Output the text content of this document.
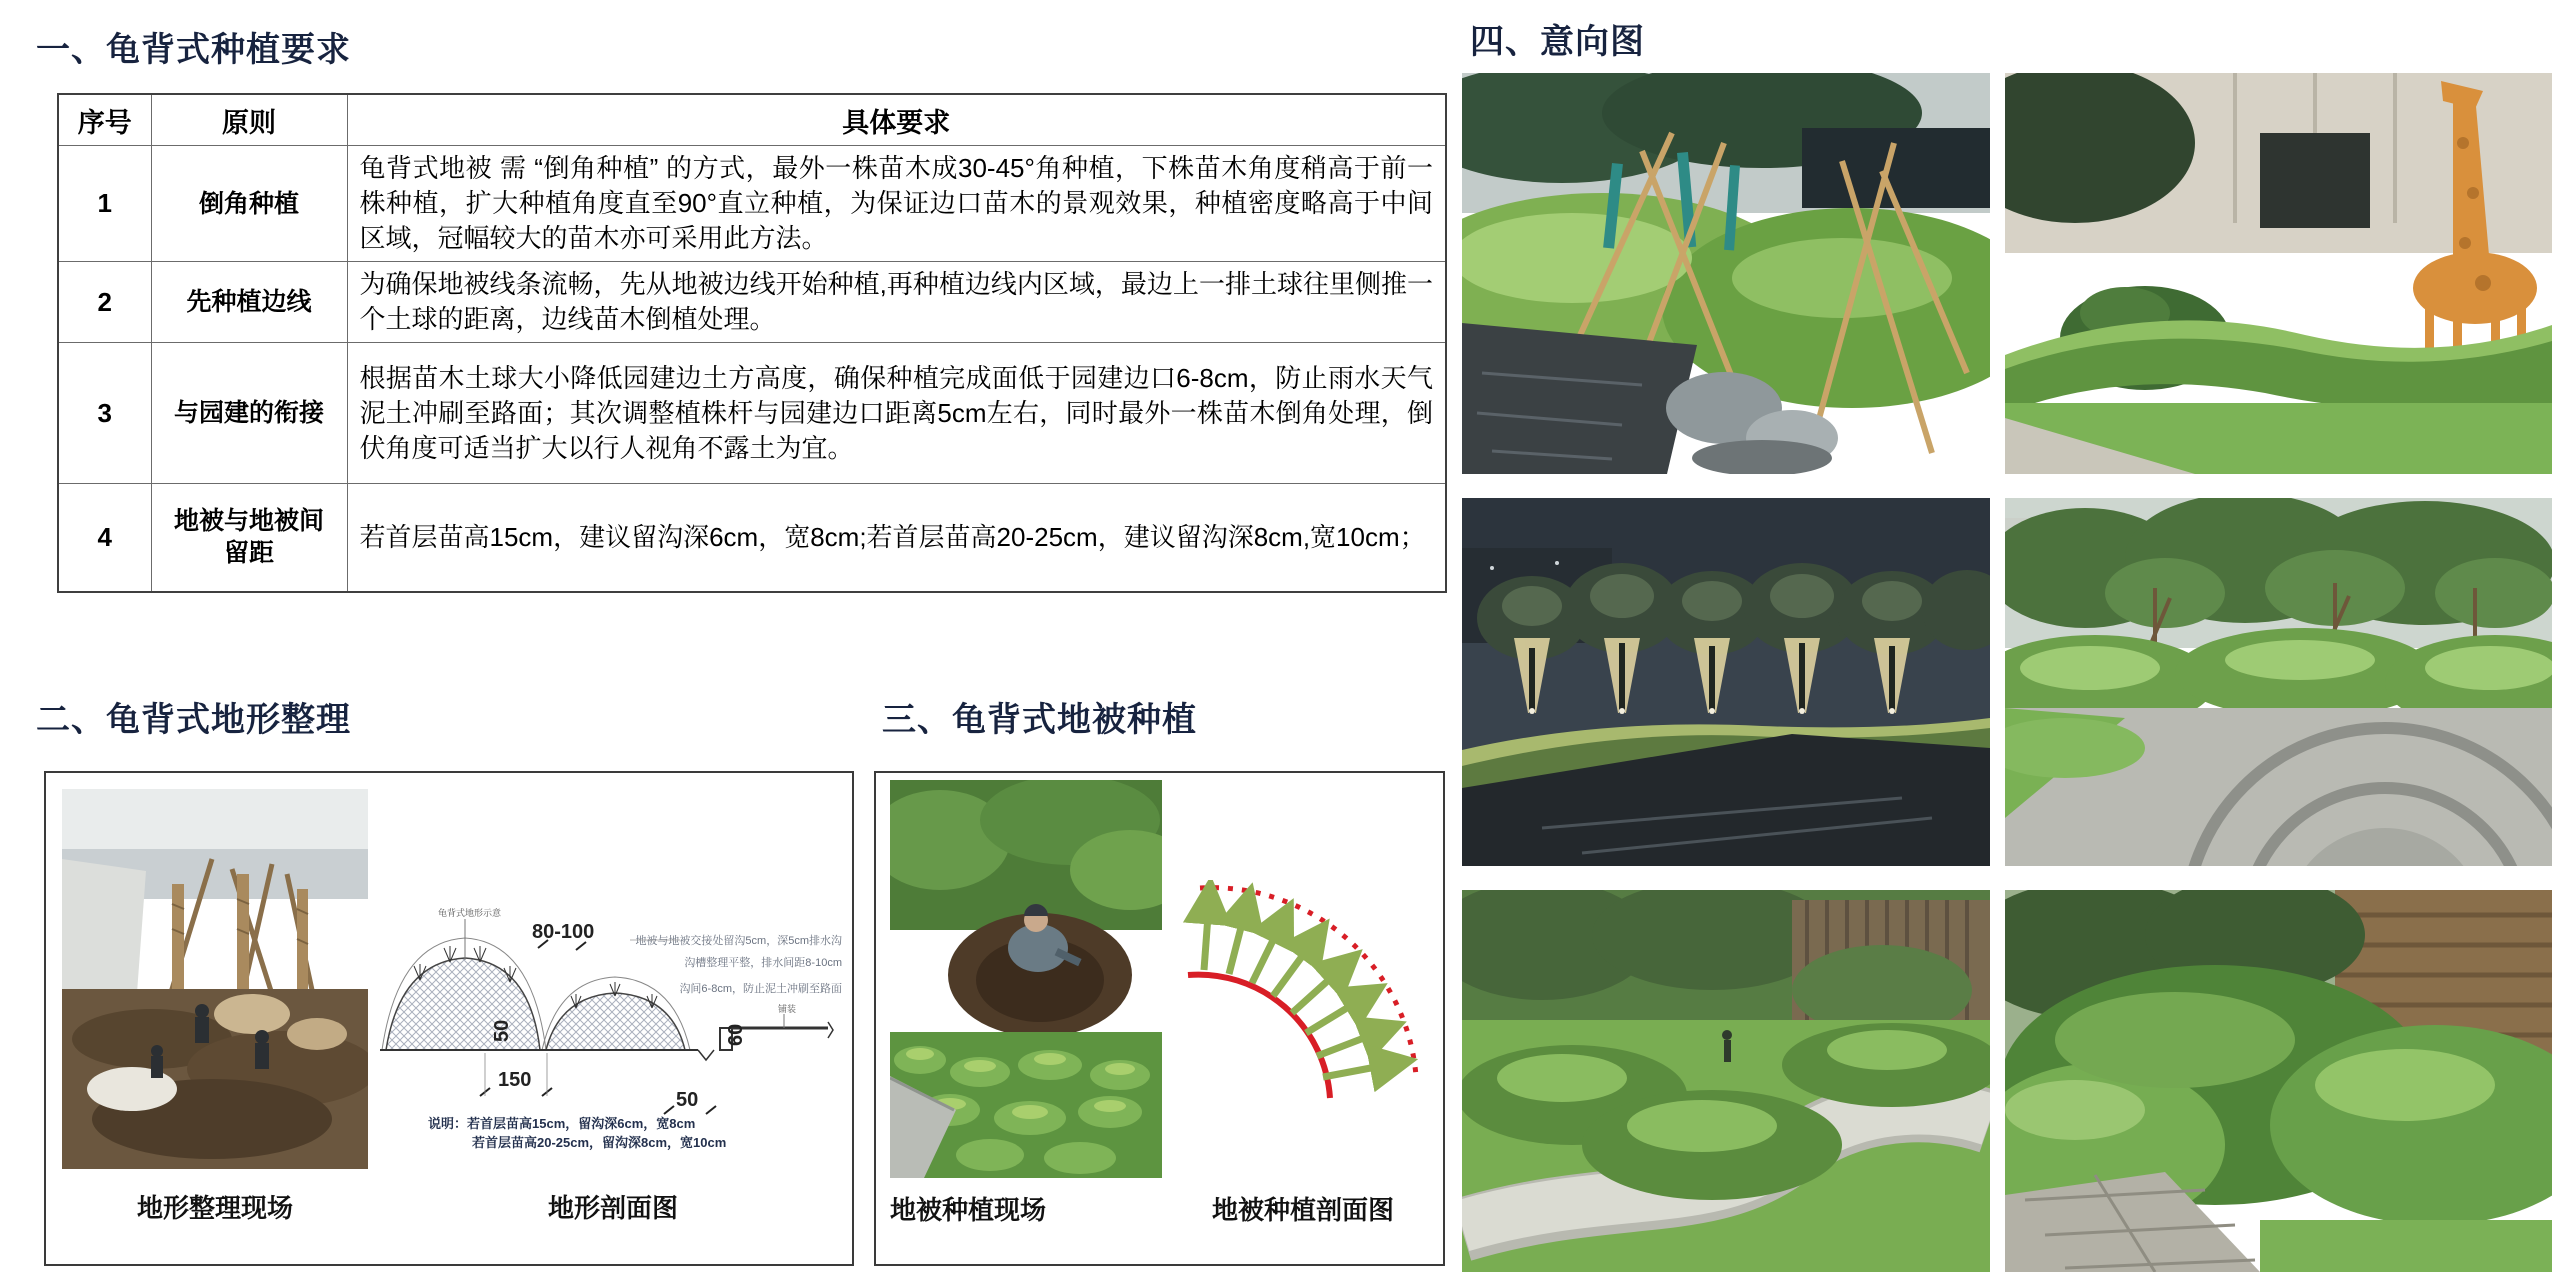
一、龟背式种植要求
序号	原则	具体要求
1	倒角种植	龟背式地被 需 “倒角种植” 的方式，最外一株苗木成30-45°角种植，下株苗木角度稍高于前一株种植，扩大种植角度直至90°直立种植，为保证边口苗木的景观效果，种植密度略高于中间区域，冠幅较大的苗木亦可采用此方法。
2	先种植边线	为确保地被线条流畅，先从地被边线开始种植,再种植边线内区域，最边上一排土球往里侧推一个土球的距离，边线苗木倒植处理。
3	与园建的衔接	根据苗木土球大小降低园建边土方高度，确保种植完成面低于园建边口6-8cm，防止雨水天气泥土冲刷至路面；其次调整植株杆与园建边口距离5cm左右，同时最外一株苗木倒角处理，倒伏角度可适当扩大以行人视角不露土为宜。
4	地被与地被间留距	若首层苗高15cm，建议留沟深6cm，宽8cm;若首层苗高20-25cm，建议留沟深8cm,宽10cm；
二、龟背式地形整理
龟背式地形示意
80-100	地被与地被交接处留沟5cm，深5cm排水沟
沟槽整理平整，排水间距8-10cm
沟间6-8cm，防止泥土冲刷至路面
铺装
50
150
50
60
说明：若首层苗高15cm，留沟深6cm，宽8cm
若首层苗高20-25cm，留沟深8cm，宽10cm
地形整理现场	地形剖面图
三、龟背式地被种植
地被种植现场	地被种植剖面图
四、意向图
